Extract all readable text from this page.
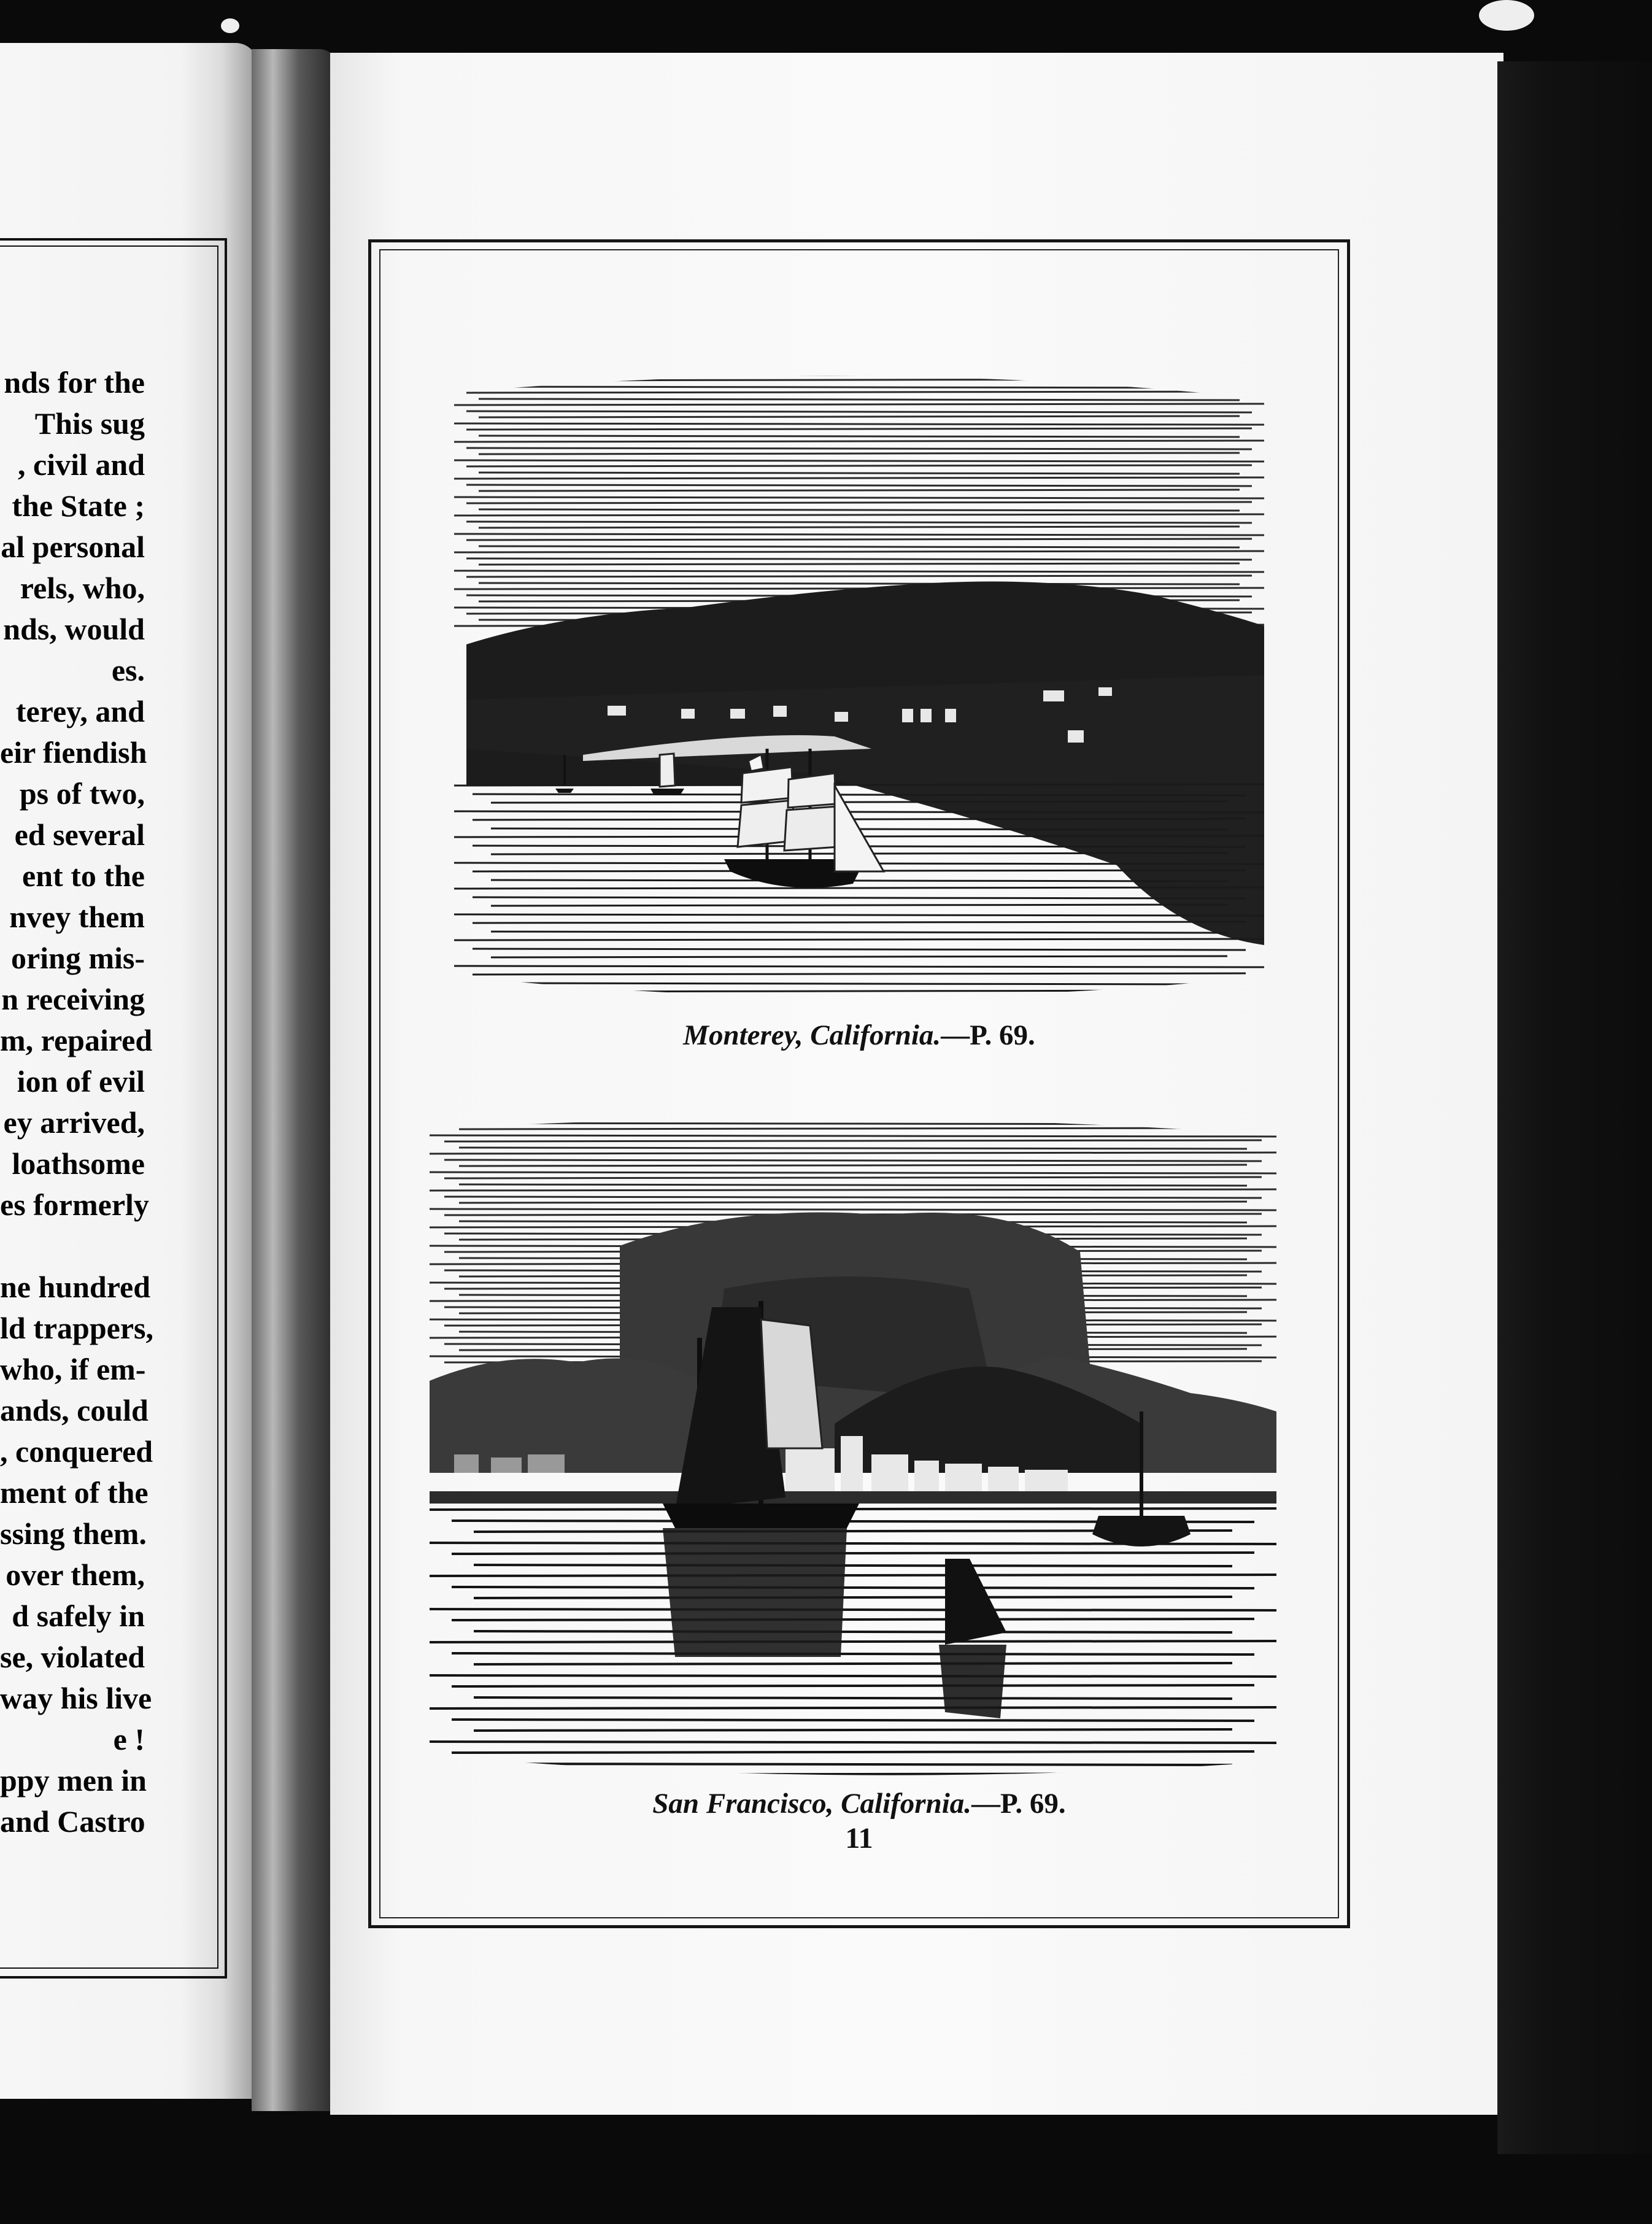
nds for the
This sug
, civil and
the State ;
al personal
rels, who,
nds, would
es.
terey, and
eir fiendish
ps of two,
ed several
ent to the
nvey them
oring mis-
n receiving
m, repaired
ion of evil
ey arrived,
loathsome
es formerly

ne hundred
ld trappers,
who, if em-
ands, could
, conquered
ment of the
ssing them.
over them,
d safely in
se, violated
way his live
e !
ppy men in
and Castro
Monterey, California.—P. 69.
San Francisco, California.—P. 69.
11
